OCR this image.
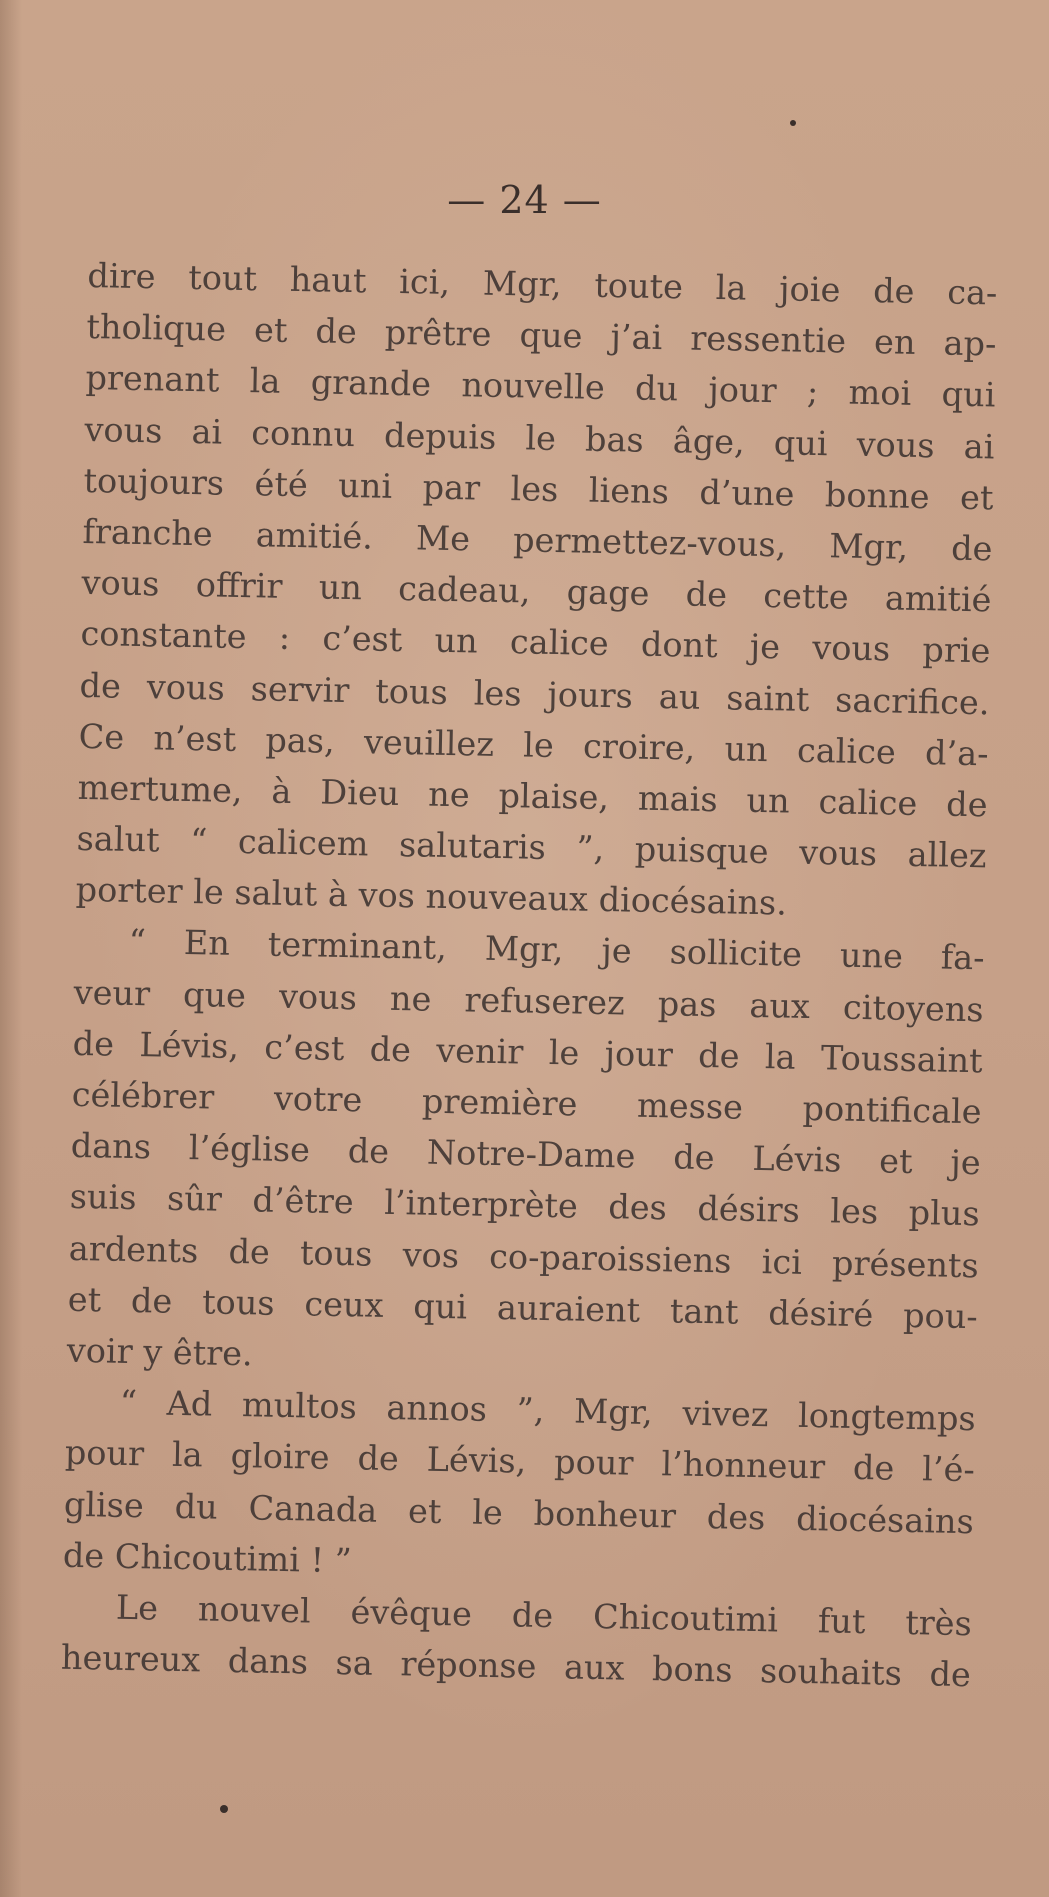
— 24 —
dire tout haut ici, Mgr, toute la joie de ca-
tholique et de prêtre que j’ai ressentie en ap-
prenant la grande nouvelle du jour ; moi qui
vous ai connu depuis le bas âge, qui vous ai
toujours été uni par les liens d’une bonne et
franche amitié. Me permettez-vous, Mgr, de
vous offrir un cadeau, gage de cette amitié
constante : c’est un calice dont je vous prie
de vous servir tous les jours au saint sacrifice.
Ce n’est pas, veuillez le croire, un calice d’a-
mertume, à Dieu ne plaise, mais un calice de
salut “ calicem salutaris ”, puisque vous allez
porter le salut à vos nouveaux diocésains.
“ En terminant, Mgr, je sollicite une fa-
veur que vous ne refuserez pas aux citoyens
de Lévis, c’est de venir le jour de la Toussaint
célébrer votre première messe pontificale
dans l’église de Notre-Dame de Lévis et je
suis sûr d’être l’interprète des désirs les plus
ardents de tous vos co-paroissiens ici présents
et de tous ceux qui auraient tant désiré pou-
voir y être.
“ Ad multos annos ”, Mgr, vivez longtemps
pour la gloire de Lévis, pour l’honneur de l’é-
glise du Canada et le bonheur des diocésains
de Chicoutimi ! ”
Le nouvel évêque de Chicoutimi fut très
heureux dans sa réponse aux bons souhaits de
